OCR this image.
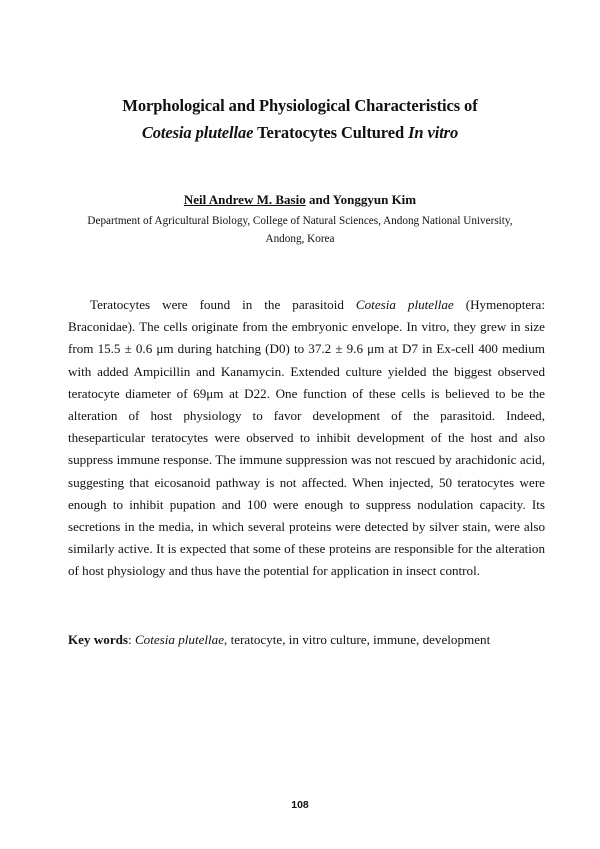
Morphological and Physiological Characteristics of
Cotesia plutellae Teratocytes Cultured In vitro
Neil Andrew M. Basio and Yonggyun Kim
Department of Agricultural Biology, College of Natural Sciences, Andong National University,
Andong, Korea

Teratocytes were found in the parasitoid Cotesia plutellae (Hymenoptera: Braconidae). The cells originate from the embryonic envelope. In vitro, they grew in size from 15.5 ± 0.6 μm during hatching (D0) to 37.2 ± 9.6 μm at D7 in Ex-cell 400 medium with added Ampicillin and Kanamycin. Extended culture yielded the biggest observed teratocyte diameter of 69μm at D22. One function of these cells is believed to be the alteration of host physiology to favor development of the parasitoid. Indeed, theseparticular teratocytes were observed to inhibit development of the host and also suppress immune response. The immune suppression was not rescued by arachidonic acid, suggesting that eicosanoid pathway is not affected. When injected, 50 teratocytes were enough to inhibit pupation and 100 were enough to suppress nodulation capacity. Its secretions in the media, in which several proteins were detected by silver stain, were also similarly active. It is expected that some of these proteins are responsible for the alteration of host physiology and thus have the potential for application in insect control.

Key words: Cotesia plutellae, teratocyte, in vitro culture, immune, development
108
